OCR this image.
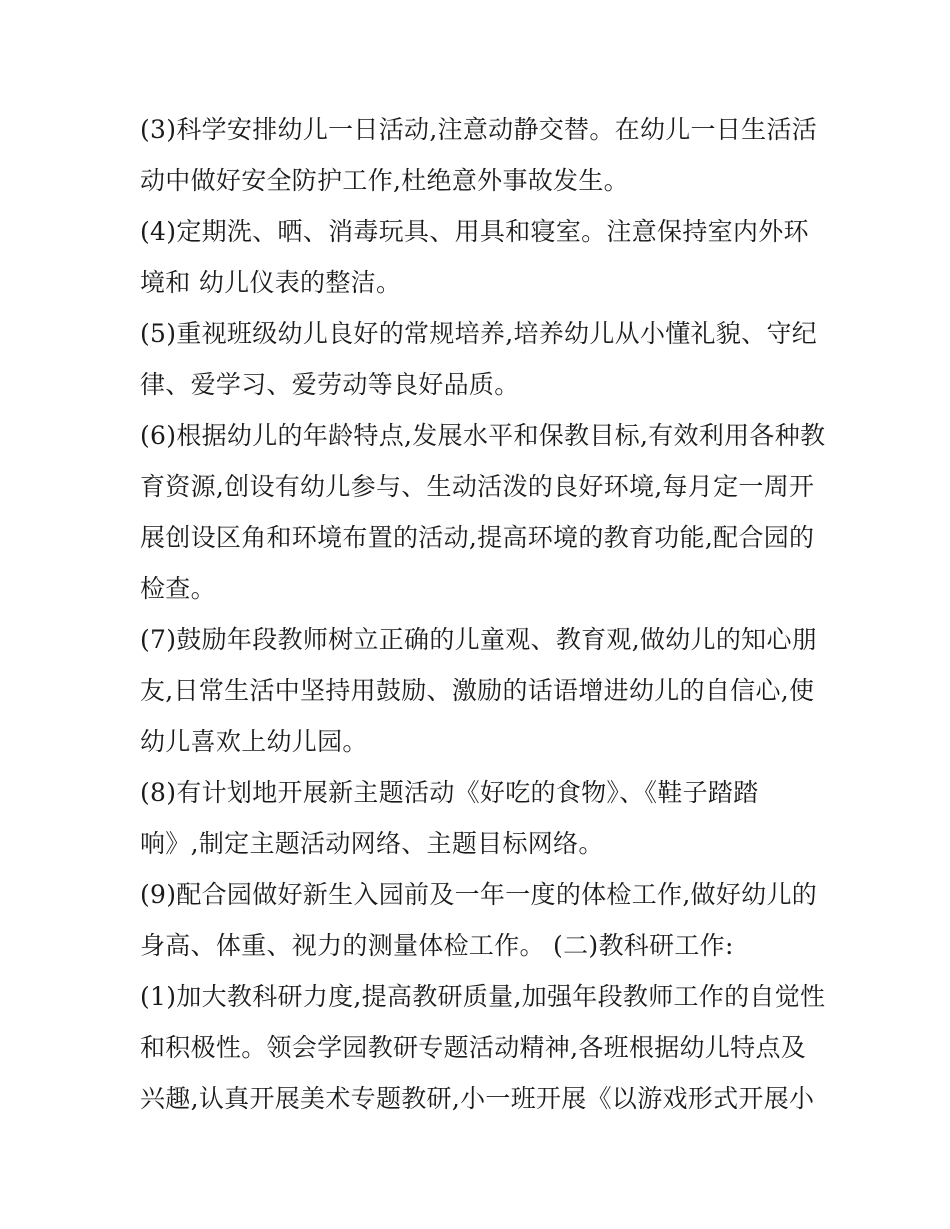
(3)科学安排幼儿一日活动,注意动静交替。在幼儿一日生活活
动中做好安全防护工作,杜绝意外事故发生。
(4)定期洗、晒、消毒玩具、用具和寝室。注意保持室内外环
境和 幼儿仪表的整洁。
(5)重视班级幼儿良好的常规培养,培养幼儿从小懂礼貌、守纪
律、爱学习、爱劳动等良好品质。
(6)根据幼儿的年龄特点,发展水平和保教目标,有效利用各种教
育资源,创设有幼儿参与、生动活泼的良好环境,每月定一周开
展创设区角和环境布置的活动,提高环境的教育功能,配合园的
检查。
(7)鼓励年段教师树立正确的儿童观、教育观,做幼儿的知心朋
友,日常生活中坚持用鼓励、激励的话语增进幼儿的自信心,使
幼儿喜欢上幼儿园。
(8)有计划地开展新主题活动《好吃的食物》、《鞋子踏踏
响》,制定主题活动网络、主题目标网络。
(9)配合园做好新生入园前及一年一度的体检工作,做好幼儿的
身高、体重、视力的测量体检工作。 (二)教科研工作:
(1)加大教科研力度,提高教研质量,加强年段教师工作的自觉性
和积极性。领会学园教研专题活动精神,各班根据幼儿特点及
兴趣,认真开展美术专题教研,小一班开展《以游戏形式开展小
